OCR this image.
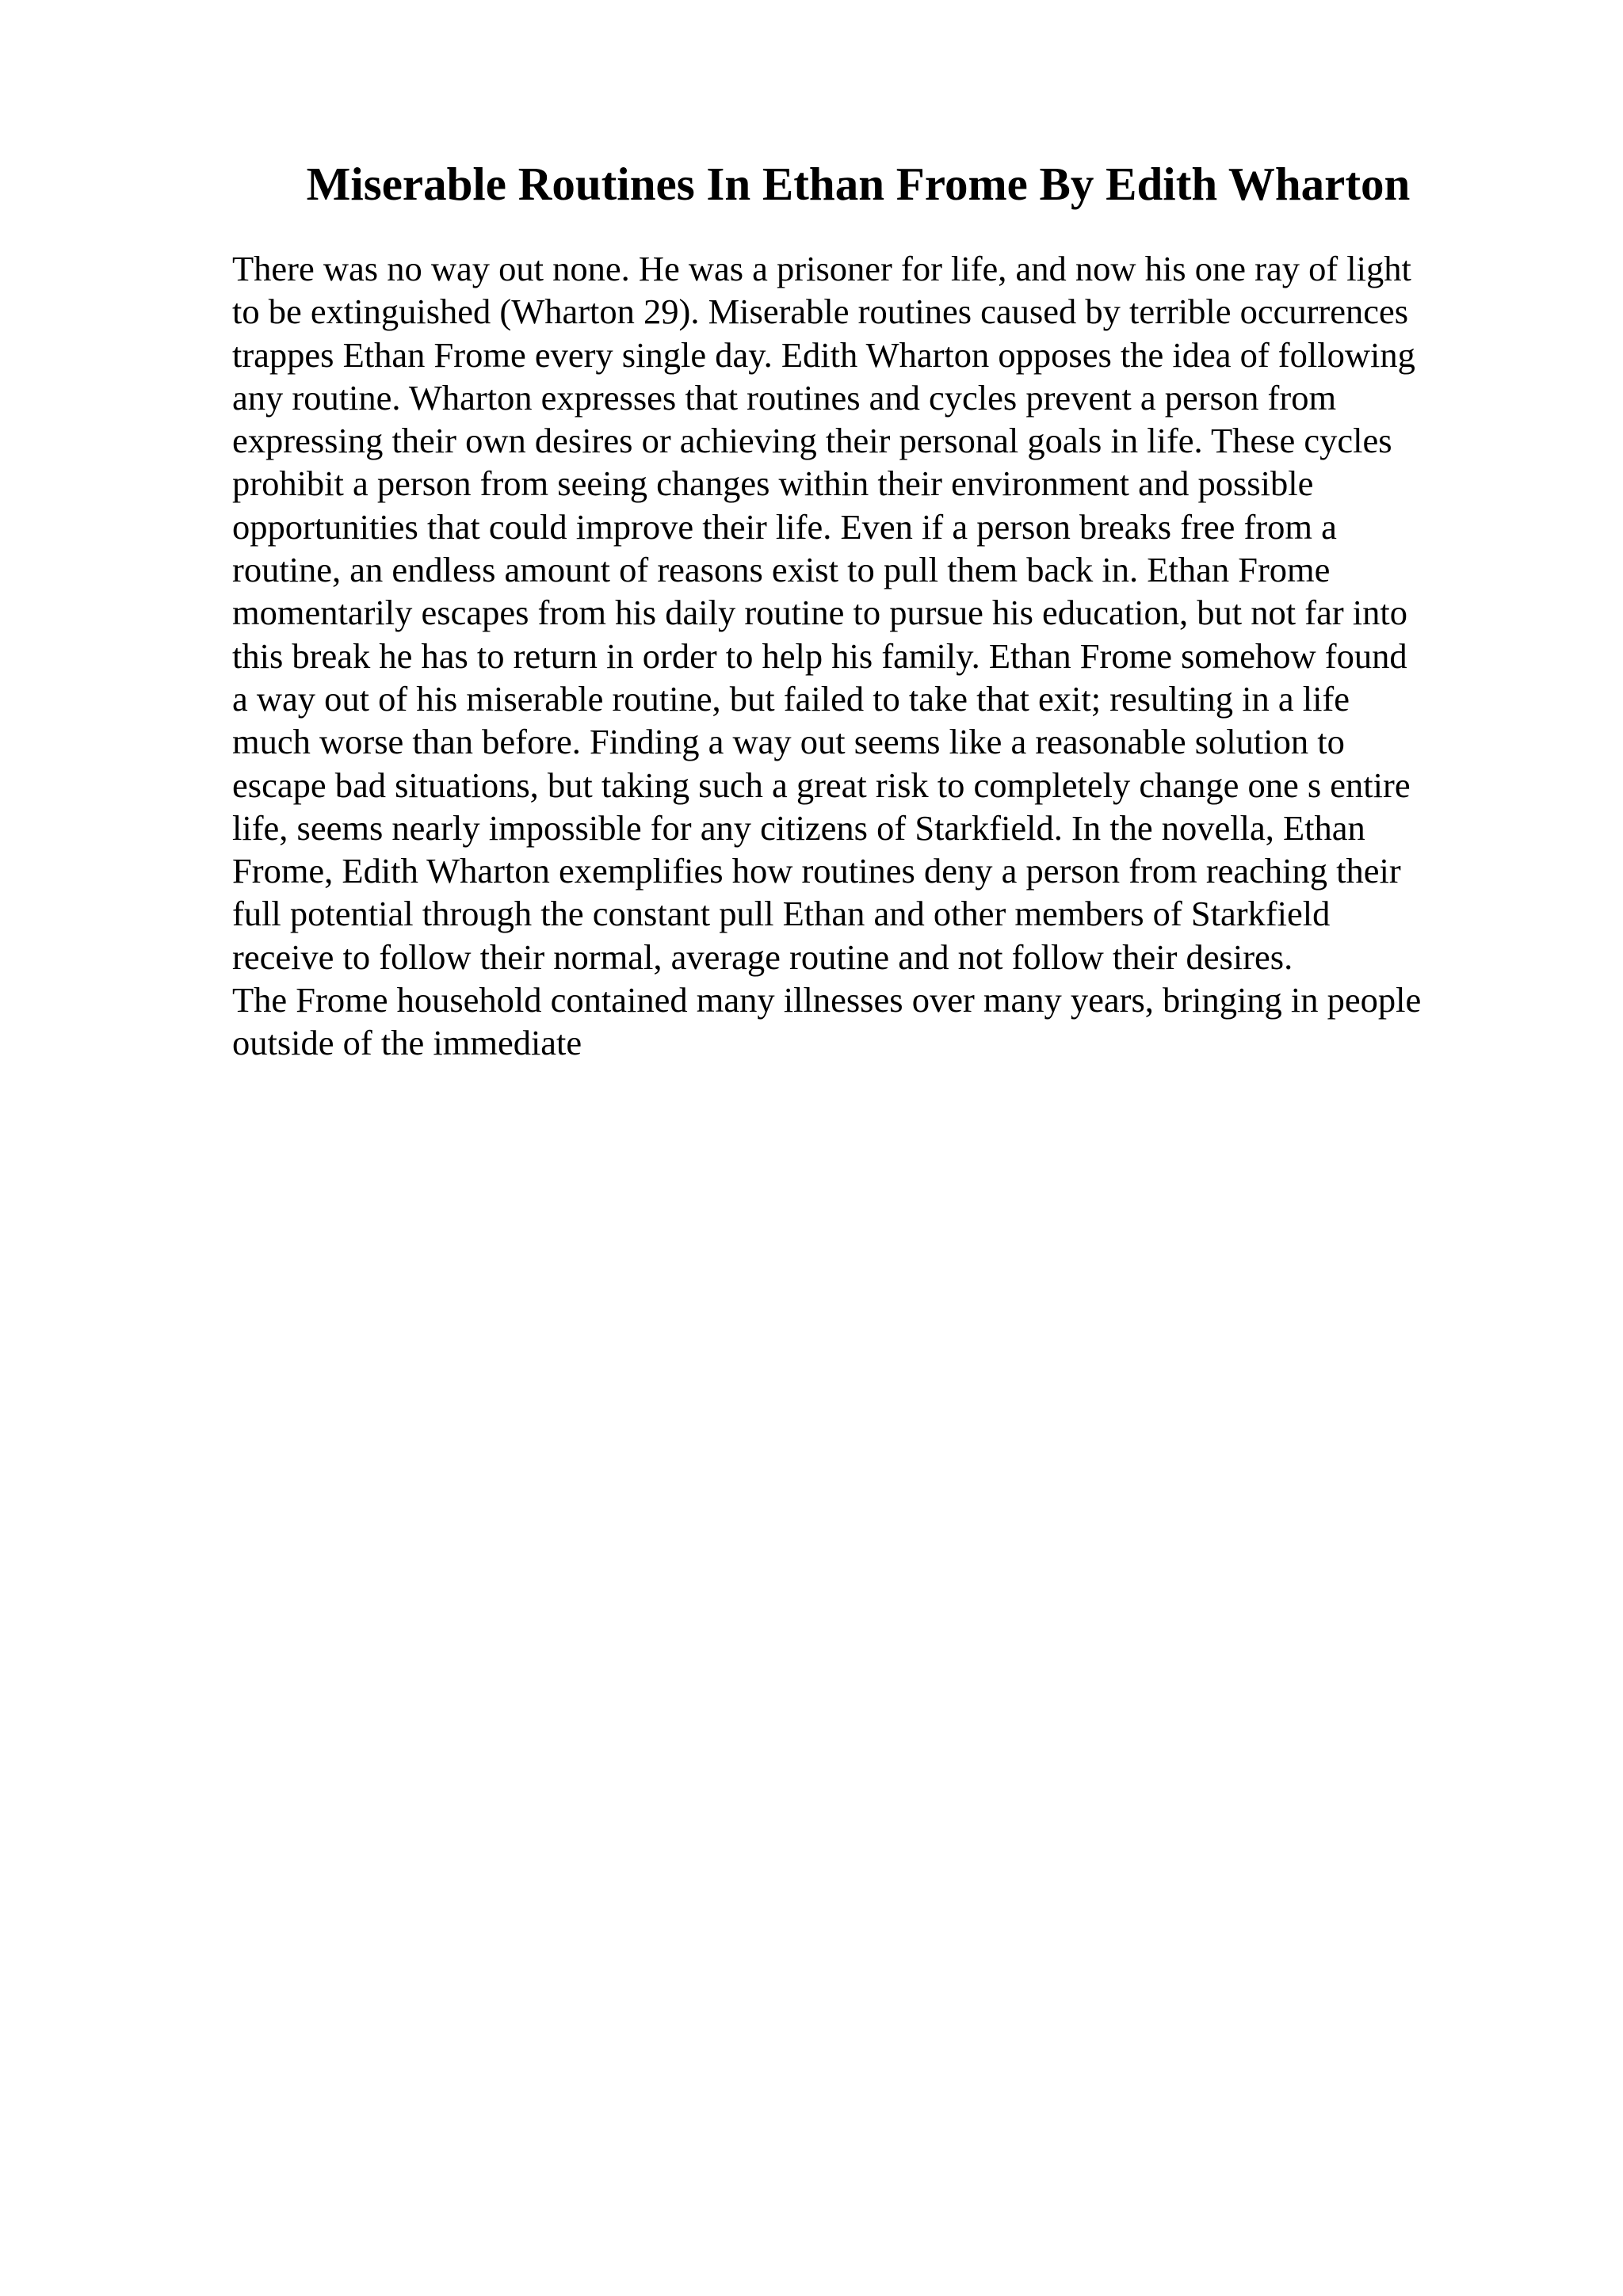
Miserable Routines In Ethan Frome By Edith Wharton
There was no way out none. He was a prisoner for life, and now his one ray of light
to be extinguished (Wharton 29). Miserable routines caused by terrible occurrences
trappes Ethan Frome every single day. Edith Wharton opposes the idea of following
any routine. Wharton expresses that routines and cycles prevent a person from
expressing their own desires or achieving their personal goals in life. These cycles
prohibit a person from seeing changes within their environment and possible
opportunities that could improve their life. Even if a person breaks free from a
routine, an endless amount of reasons exist to pull them back in. Ethan Frome
momentarily escapes from his daily routine to pursue his education, but not far into
this break he has to return in order to help his family. Ethan Frome somehow found
a way out of his miserable routine, but failed to take that exit; resulting in a life
much worse than before. Finding a way out seems like a reasonable solution to
escape bad situations, but taking such a great risk to completely change one s entire
life, seems nearly impossible for any citizens of Starkfield. In the novella, Ethan
Frome, Edith Wharton exemplifies how routines deny a person from reaching their
full potential through the constant pull Ethan and other members of Starkfield
receive to follow their normal, average routine and not follow their desires.
The Frome household contained many illnesses over many years, bringing in people
outside of the immediate
